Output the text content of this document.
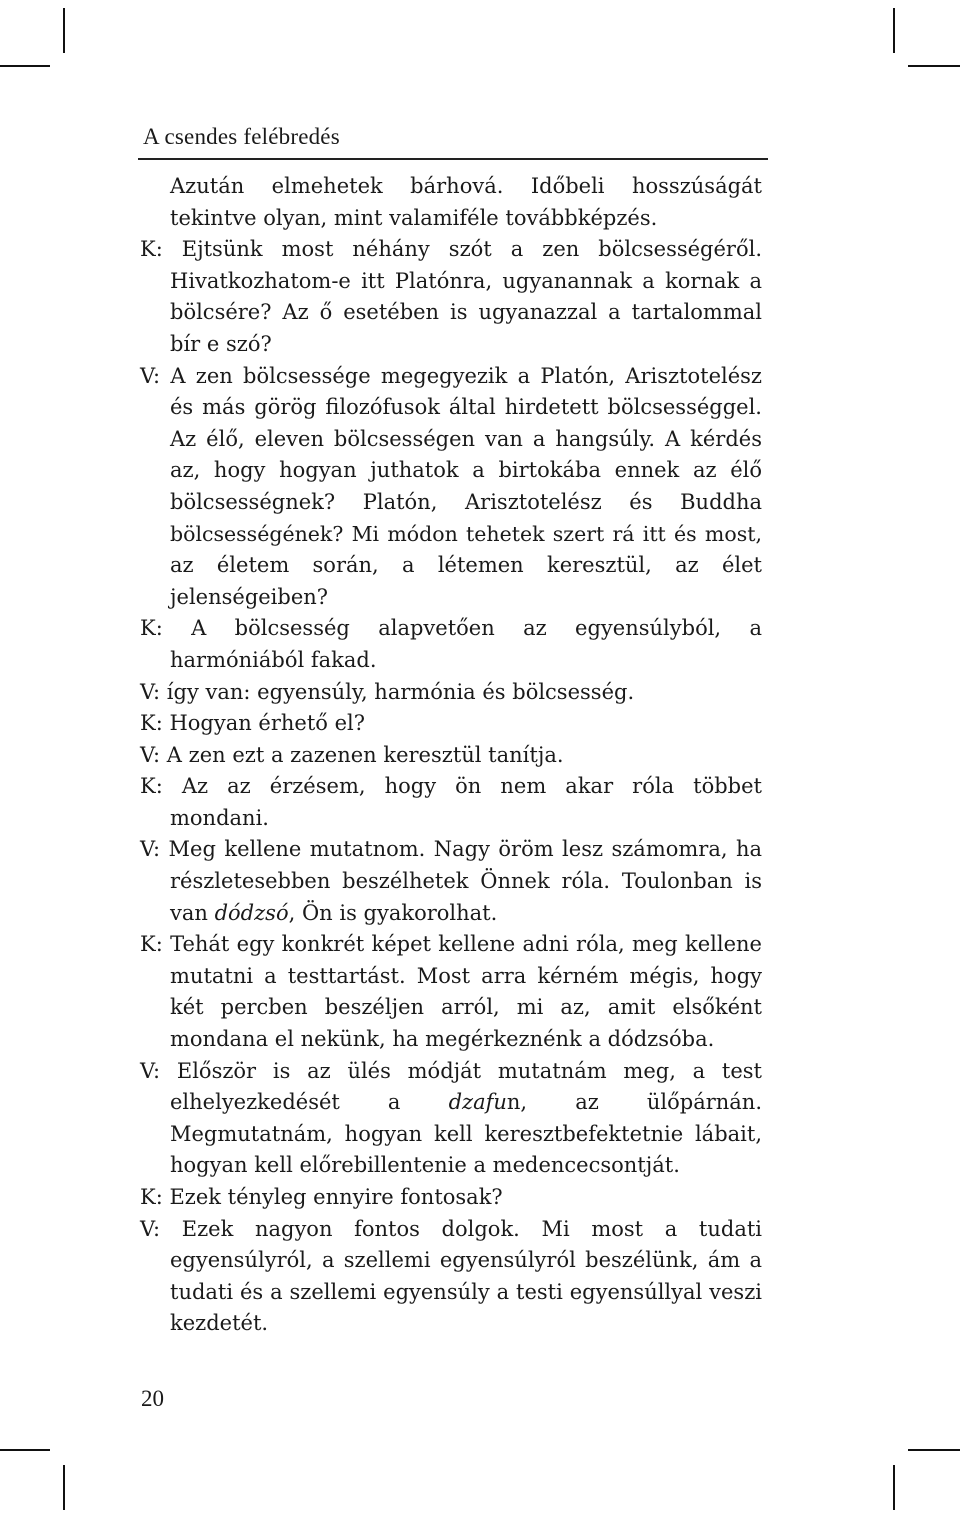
A csendes felébredés
Azután elmehetek bárhová. Időbeli hosszúságát
tekintve olyan, mint valamiféle továbbképzés.
K: Ejtsünk most néhány szót a zen bölcsességéről.
Hivatkozhatom-e itt Platónra, ugyanannak a kornak a
bölcsére? Az ő esetében is ugyanazzal a tartalommal
bír e szó?
V: A zen bölcsessége megegyezik a Platón, Arisztotelész
és más görög filozófusok által hirdetett bölcsességgel.
Az élő, eleven bölcsességen van a hangsúly. A kérdés
az, hogy hogyan juthatok a birtokába ennek az élő
bölcsességnek? Platón, Arisztotelész és Buddha
bölcsességének? Mi módon tehetek szert rá itt és most,
az életem során, a létemen keresztül, az élet
jelenségeiben?
K: A bölcsesség alapvetően az egyensúlyból, a
harmóniából fakad.
V: így van: egyensúly, harmónia és bölcsesség.
K: Hogyan érhető el?
V: A zen ezt a zazenen keresztül tanítja.
K: Az az érzésem, hogy ön nem akar róla többet
mondani.
V: Meg kellene mutatnom. Nagy öröm lesz számomra, ha
részletesebben beszélhetek Önnek róla. Toulonban is
van dódzsó, Ön is gyakorolhat.
K: Tehát egy konkrét képet kellene adni róla, meg kellene
mutatni a testtartást. Most arra kérném mégis, hogy
két percben beszéljen arról, mi az, amit elsőként
mondana el nekünk, ha megérkeznénk a dódzsóba.
V: Először is az ülés módját mutatnám meg, a test
elhelyezkedését a dzafun, az ülőpárnán.
Megmutatnám, hogyan kell keresztbefektetnie lábait,
hogyan kell előrebillentenie a medencecsontját.
K: Ezek tényleg ennyire fontosak?
V: Ezek nagyon fontos dolgok. Mi most a tudati
egyensúlyról, a szellemi egyensúlyról beszélünk, ám a
tudati és a szellemi egyensúly a testi egyensúllyal veszi
kezdetét.
20
